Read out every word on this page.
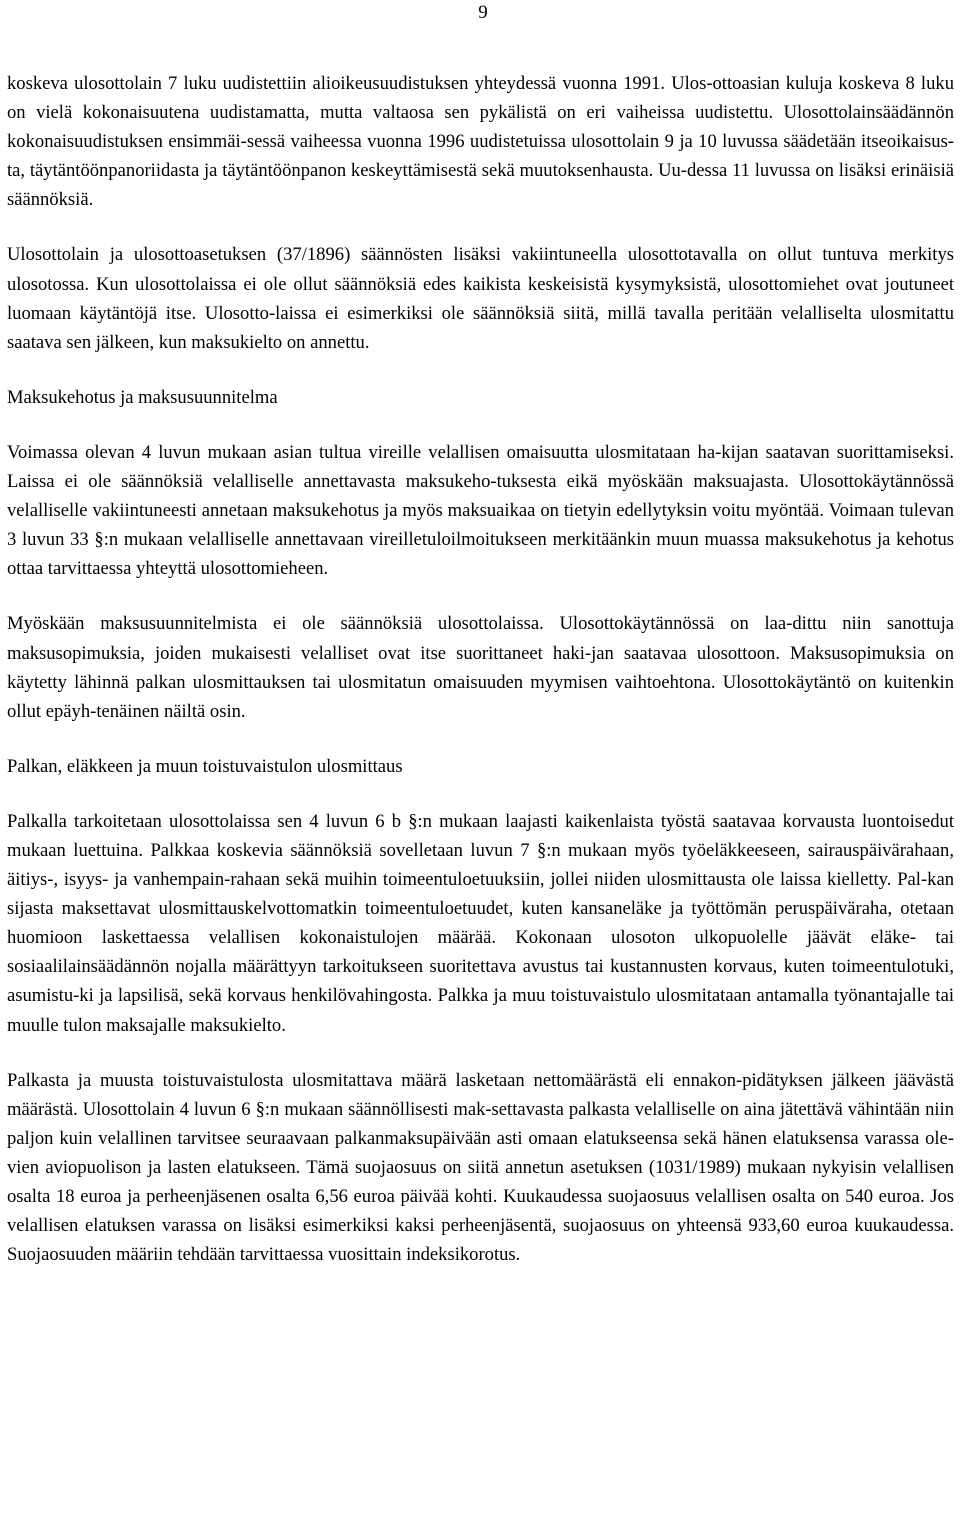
9

koskeva ulosottolain 7 luku uudistettiin alioikeusuudistuksen yhteydessä vuonna 1991. Ulos-ottoasian kuluja koskeva 8 luku on vielä kokonaisuutena uudistamatta, mutta valtaosa sen pykälistä on eri vaiheissa uudistettu. Ulosottolainsäädännön kokonaisuudistuksen ensimmäi-sessä vaiheessa vuonna 1996 uudistetuissa ulosottolain 9 ja 10 luvussa säädetään itseoikaisus-ta, täytäntöönpanoriidasta ja täytäntöönpanon keskeyttämisestä sekä muutoksenhausta. Uu-dessa 11 luvussa on lisäksi erinäisiä säännöksiä.

Ulosottolain ja ulosottoasetuksen (37/1896) säännösten lisäksi vakiintuneella ulosottotavalla on ollut tuntuva merkitys ulosotossa. Kun ulosottolaissa ei ole ollut säännöksiä edes kaikista keskeisistä kysymyksistä, ulosottomiehet ovat joutuneet luomaan käytäntöjä itse. Ulosotto-laissa ei esimerkiksi ole säännöksiä siitä, millä tavalla peritään velalliselta ulosmitattu saatava sen jälkeen, kun maksukielto on annettu.

Maksukehotus ja maksusuunnitelma

Voimassa olevan 4 luvun mukaan asian tultua vireille velallisen omaisuutta ulosmitataan ha-kijan saatavan suorittamiseksi. Laissa ei ole säännöksiä velalliselle annettavasta maksukeho-tuksesta eikä myöskään maksuajasta. Ulosottokäytännössä velalliselle vakiintuneesti annetaan maksukehotus ja myös maksuaikaa on tietyin edellytyksin voitu myöntää. Voimaan tulevan 3 luvun 33 §:n mukaan velalliselle annettavaan vireilletuloilmoitukseen merkitäänkin muun muassa maksukehotus ja kehotus ottaa tarvittaessa yhteyttä ulosottomieheen.

Myöskään maksusuunnitelmista ei ole säännöksiä ulosottolaissa. Ulosottokäytännössä on laa-dittu niin sanottuja maksusopimuksia, joiden mukaisesti velalliset ovat itse suorittaneet haki-jan saatavaa ulosottoon. Maksusopimuksia on käytetty lähinnä palkan ulosmittauksen tai ulosmitatun omaisuuden myymisen vaihtoehtona. Ulosottokäytäntö on kuitenkin ollut epäyh-tenäinen näiltä osin.

Palkan, eläkkeen ja muun toistuvaistulon ulosmittaus

Palkalla tarkoitetaan ulosottolaissa sen 4 luvun 6 b §:n mukaan laajasti kaikenlaista työstä saatavaa korvausta luontoisedut mukaan luettuina. Palkkaa koskevia säännöksiä sovelletaan luvun 7 §:n mukaan myös työeläkkeeseen, sairauspäivärahaan, äitiys-, isyys- ja vanhempain-rahaan sekä muihin toimeentuloetuuksiin, jollei niiden ulosmittausta ole laissa kielletty. Pal-kan sijasta maksettavat ulosmittauskelvottomatkin toimeentuloetuudet, kuten kansaneläke ja työttömän peruspäiväraha, otetaan huomioon laskettaessa velallisen kokonaistulojen määrää. Kokonaan ulosoton ulkopuolelle jäävät eläke- tai sosiaalilainsäädännön nojalla määrättyyn tarkoitukseen suoritettava avustus tai kustannusten korvaus, kuten toimeentulotuki, asumistu-ki ja lapsilisä, sekä korvaus henkilövahingosta. Palkka ja muu toistuvaistulo ulosmitataan antamalla työnantajalle tai muulle tulon maksajalle maksukielto.

Palkasta ja muusta toistuvaistulosta ulosmitattava määrä lasketaan nettomäärästä eli ennakon-pidätyksen jälkeen jäävästä määrästä. Ulosottolain 4 luvun 6 §:n mukaan säännöllisesti mak-settavasta palkasta velalliselle on aina jätettävä vähintään niin paljon kuin velallinen tarvitsee seuraavaan palkanmaksupäivään asti omaan elatukseensa sekä hänen elatuksensa varassa ole-vien aviopuolison ja lasten elatukseen. Tämä suojaosuus on siitä annetun asetuksen (1031/1989) mukaan nykyisin velallisen osalta 18 euroa ja perheenjäsenen osalta 6,56 euroa päivää kohti. Kuukaudessa suojaosuus velallisen osalta on 540 euroa. Jos velallisen elatuksen varassa on lisäksi esimerkiksi kaksi perheenjäsentä, suojaosuus on yhteensä 933,60 euroa kuukaudessa. Suojaosuuden määriin tehdään tarvittaessa vuosittain indeksikorotus.
